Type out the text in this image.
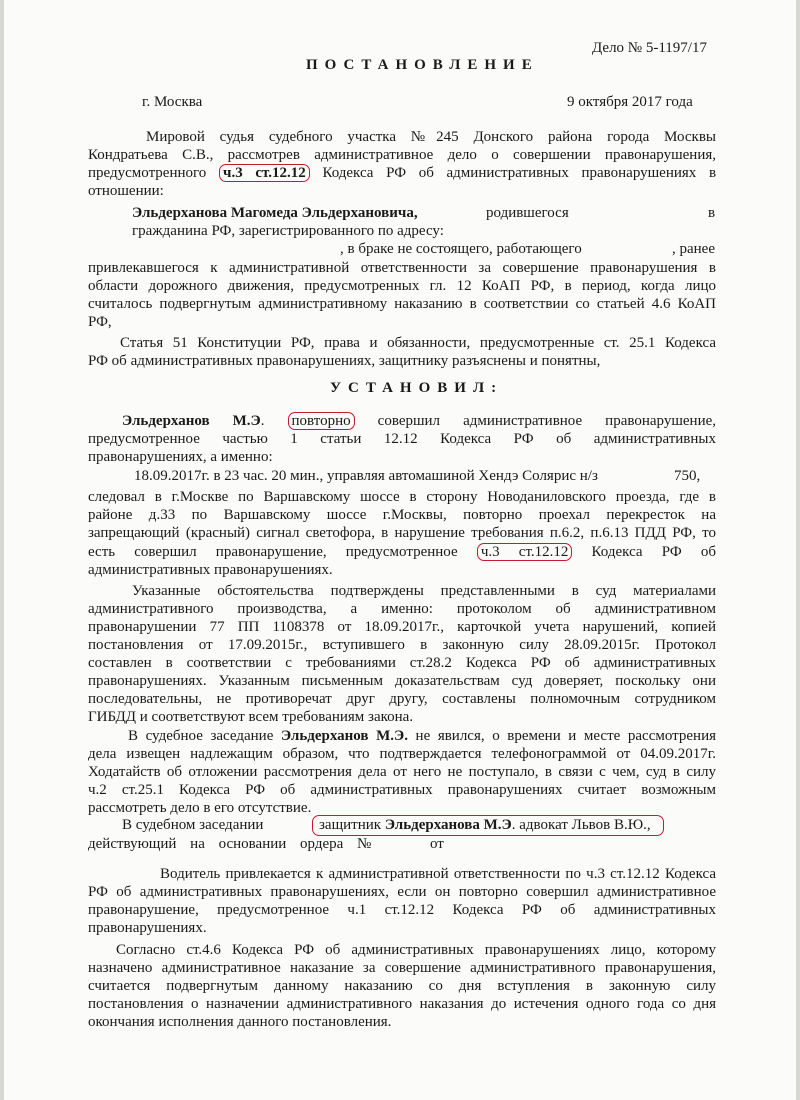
Дело № 5-1197/17
ПОСТАНОВЛЕНИЕ
г. Москва	9 октября 2017 года
Мировой судья судебного участка №245 Донского района города Москвы
Кондратьева С.В., рассмотрев административное дело о совершении правонарушения,
предусмотренного ч.3 ст.12.12 Кодекса РФ об административных правонарушениях в
отношении:
Эльдерханова Магомеда Эльдерхановича,	родившегося	в
гражданина РФ, зарегистрированного по адресу:
, в браке не состоящего, работающего	, ранее
привлекавшегося к административной ответственности за совершение правонарушения в
области дорожного движения, предусмотренных гл. 12 КоАП РФ, в период, когда лицо
считалось подвергнутым административному наказанию в соответствии со статьей 4.6 КоАП
РФ,
Статья 51 Конституции РФ, права и обязанности, предусмотренные ст. 25.1 Кодекса
РФ об административных правонарушениях, защитнику разъяснены и понятны,
УСТАНОВИЛ:
Эльдерханов М.Э. повторно совершил административное правонарушение,
предусмотренное частью 1 статьи 12.12 Кодекса РФ об административных
правонарушениях, а именно:
18.09.2017г. в 23 час. 20 мин., управляя автомашиной Хендэ Солярис н/з	750,
следовал в г.Москве по Варшавскому шоссе в сторону Новоданиловского проезда, где в
районе д.33 по Варшавскому шоссе г.Москвы, повторно проехал перекресток на
запрещающий (красный) сигнал светофора, в нарушение требования п.6.2, п.6.13 ПДД РФ, то
есть совершил правонарушение, предусмотренное ч.3 ст.12.12 Кодекса РФ об
административных правонарушениях.
Указанные обстоятельства подтверждены представленными в суд материалами
административного производства, а именно: протоколом об административном
правонарушении 77 ПП 1108378 от 18.09.2017г., карточкой учета нарушений, копией
постановления от 17.09.2015г., вступившего в законную силу 28.09.2015г. Протокол
составлен в соответствии с требованиями ст.28.2 Кодекса РФ об административных
правонарушениях. Указанным письменным доказательствам суд доверяет, поскольку они
последовательны, не противоречат друг другу, составлены полномочным сотрудником
ГИБДД и соответствуют всем требованиям закона.
В судебное заседание Эльдерханов М.Э. не явился, о времени и месте рассмотрения
дела извещен надлежащим образом, что подтверждается телефонограммой от 04.09.2017г.
Ходатайств об отложении рассмотрения дела от него не поступало, в связи с чем, суд в силу
ч.2 ст.25.1 Кодекса РФ об административных правонарушениях считает возможным
рассмотреть дело в его отсутствие.
В судебном заседании	защитник Эльдерханова М.Э. адвокат Львов В.Ю.,
действующий на основании ордера №	от
Водитель привлекается к административной ответственности по ч.3 ст.12.12 Кодекса
РФ об административных правонарушениях, если он повторно совершил административное
правонарушение, предусмотренное ч.1 ст.12.12 Кодекса РФ об административных
правонарушениях.
Согласно ст.4.6 Кодекса РФ об административных правонарушениях лицо, которому
назначено административное наказание за совершение административного правонарушения,
считается подвергнутым данному наказанию со дня вступления в законную силу
постановления о назначении административного наказания до истечения одного года со дня
окончания исполнения данного постановления.
